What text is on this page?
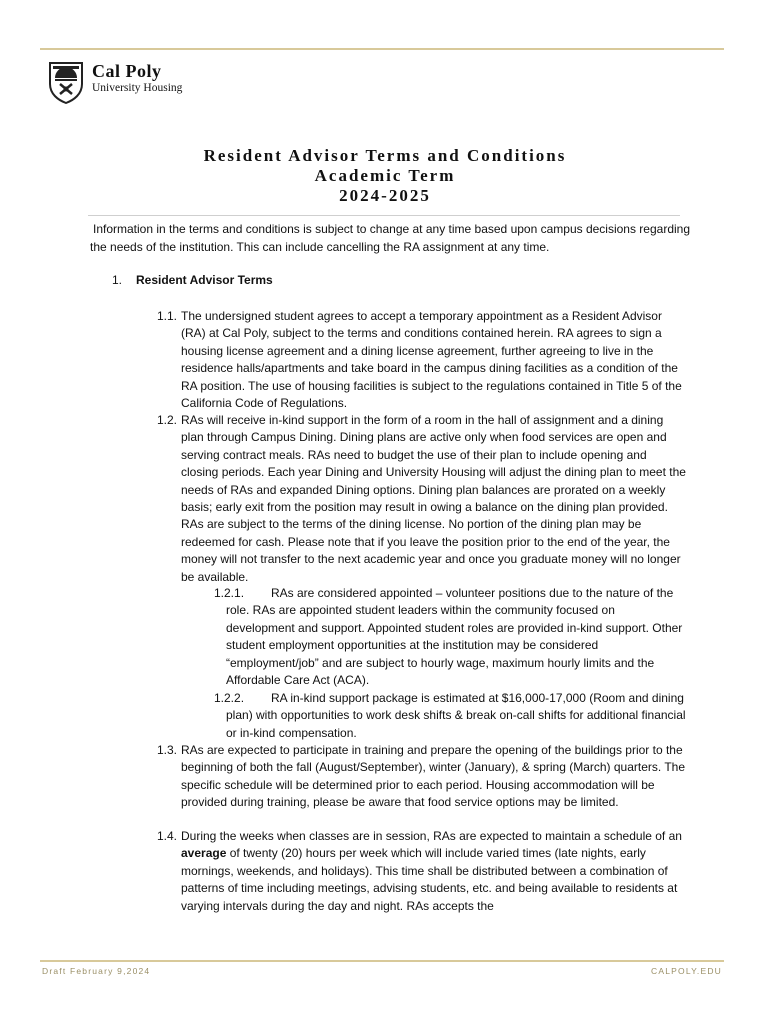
Cal Poly
University Housing
Resident Advisor Terms and Conditions
Academic Term
2024-2025
Information in the terms and conditions is subject to change at any time based upon campus decisions regarding the needs of the institution. This can include cancelling the RA assignment at any time.
1. Resident Advisor Terms
1.1. The undersigned student agrees to accept a temporary appointment as a Resident Advisor (RA) at Cal Poly, subject to the terms and conditions contained herein. RA agrees to sign a housing license agreement and a dining license agreement, further agreeing to live in the residence halls/apartments and take board in the campus dining facilities as a condition of the RA position. The use of housing facilities is subject to the regulations contained in Title 5 of the California Code of Regulations.
1.2. RAs will receive in-kind support in the form of a room in the hall of assignment and a dining plan through Campus Dining. Dining plans are active only when food services are open and serving contract meals. RAs need to budget the use of their plan to include opening and closing periods. Each year Dining and University Housing will adjust the dining plan to meet the needs of RAs and expanded Dining options. Dining plan balances are prorated on a weekly basis; early exit from the position may result in owing a balance on the dining plan provided. RAs are subject to the terms of the dining license. No portion of the dining plan may be redeemed for cash. Please note that if you leave the position prior to the end of the year, the money will not transfer to the next academic year and once you graduate money will no longer be available.
1.2.1.	RAs are considered appointed – volunteer positions due to the nature of the role. RAs are appointed student leaders within the community focused on development and support. Appointed student roles are provided in-kind support. Other student employment opportunities at the institution may be considered “employment/job” and are subject to hourly wage, maximum hourly limits and the Affordable Care Act (ACA).
1.2.2.	RA in-kind support package is estimated at $16,000-17,000 (Room and dining plan) with opportunities to work desk shifts & break on-call shifts for additional financial or in-kind compensation.
1.3. RAs are expected to participate in training and prepare the opening of the buildings prior to the beginning of both the fall (August/September), winter (January), & spring (March) quarters. The specific schedule will be determined prior to each period. Housing accommodation will be provided during training, please be aware that food service options may be limited.
1.4. During the weeks when classes are in session, RAs are expected to maintain a schedule of an average of twenty (20) hours per week which will include varied times (late nights, early mornings, weekends, and holidays). This time shall be distributed between a combination of patterns of time including meetings, advising students, etc. and being available to residents at varying intervals during the day and night. RAs accepts the
Draft February 9,2024	CALPOLY.EDU
